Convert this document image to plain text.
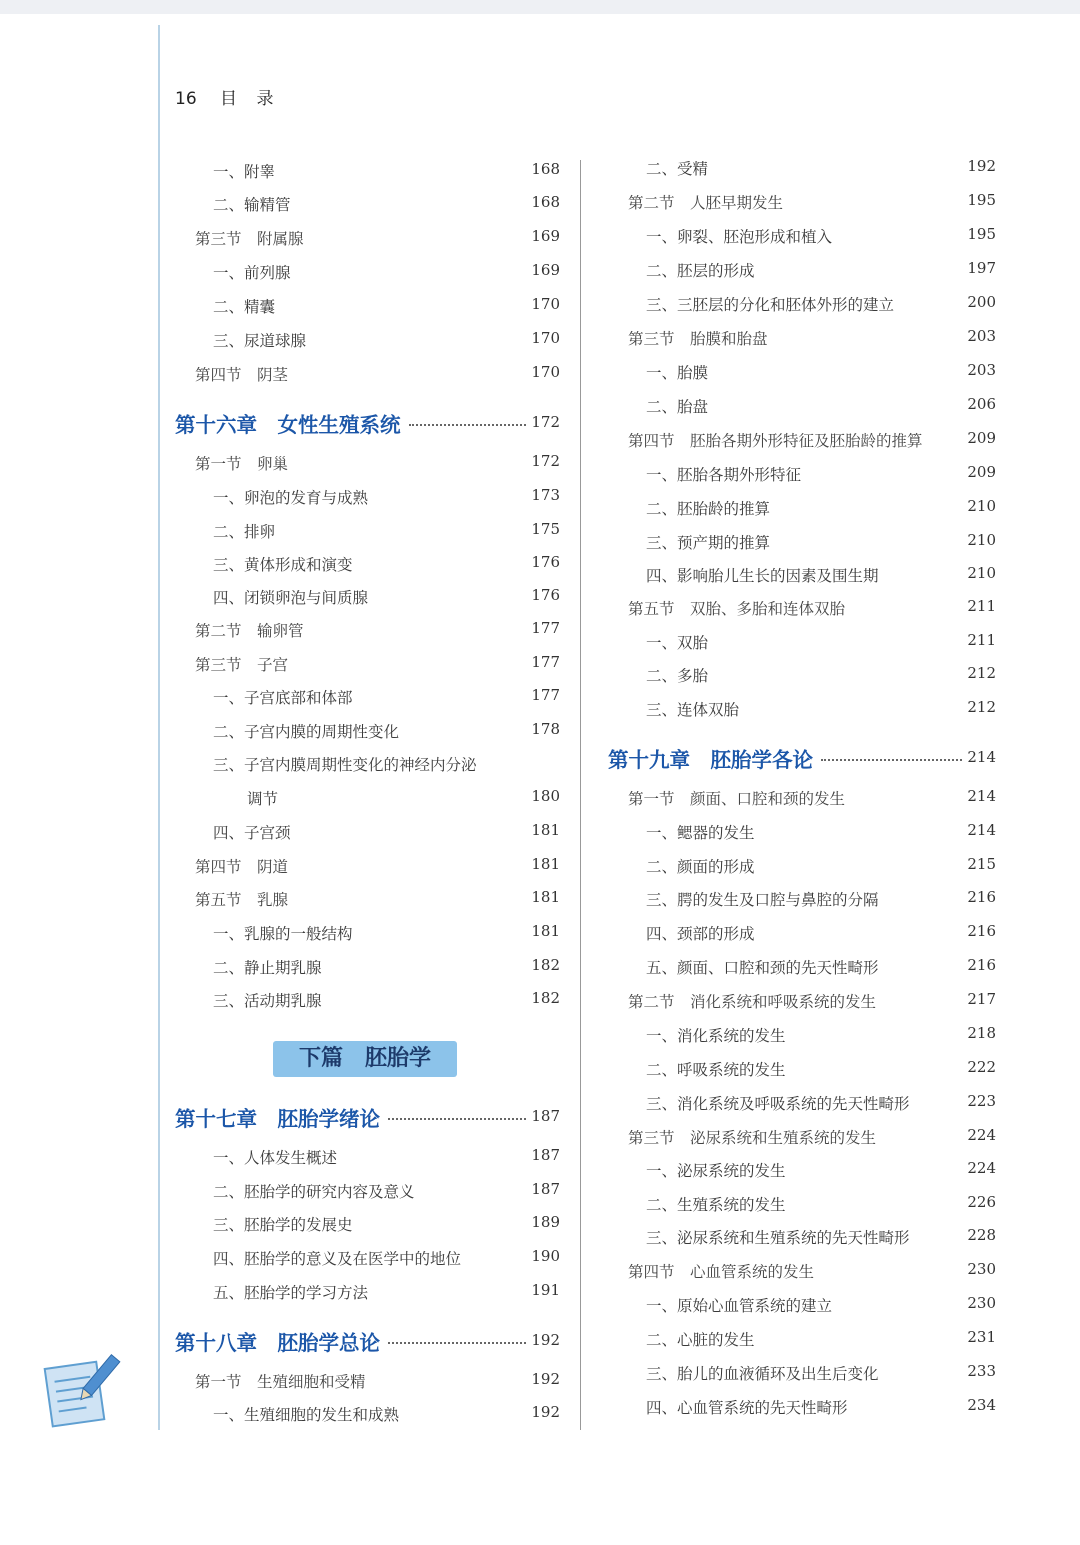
16 目 录
一、附睾	168
二、输精管	168
第三节　附属腺	169
一、前列腺	169
二、精囊	170
三、尿道球腺	170
第四节　阴茎	170
第十六章　女性生殖系统	172
第一节　卵巢	172
一、卵泡的发育与成熟	173
二、排卵	175
三、黄体形成和演变	176
四、闭锁卵泡与间质腺	176
第二节　输卵管	177
第三节　子宫	177
一、子宫底部和体部	177
二、子宫内膜的周期性变化	178
三、子宫内膜周期性变化的神经内分泌
调节	180
四、子宫颈	181
第四节　阴道	181
第五节　乳腺	181
一、乳腺的一般结构	181
二、静止期乳腺	182
三、活动期乳腺	182
第十七章　胚胎学绪论	187
一、人体发生概述	187
二、胚胎学的研究内容及意义	187
三、胚胎学的发展史	189
四、胚胎学的意义及在医学中的地位	190
五、胚胎学的学习方法	191
第十八章　胚胎学总论	192
第一节　生殖细胞和受精	192
一、生殖细胞的发生和成熟	192
二、受精	192
第二节　人胚早期发生	195
一、卵裂、胚泡形成和植入	195
二、胚层的形成	197
三、三胚层的分化和胚体外形的建立	200
第三节　胎膜和胎盘	203
一、胎膜	203
二、胎盘	206
第四节　胚胎各期外形特征及胚胎龄的推算	209
一、胚胎各期外形特征	209
二、胚胎龄的推算	210
三、预产期的推算	210
四、影响胎儿生长的因素及围生期	210
第五节　双胎、多胎和连体双胎	211
一、双胎	211
二、多胎	212
三、连体双胎	212
第十九章　胚胎学各论	214
第一节　颜面、口腔和颈的发生	214
一、鳃器的发生	214
二、颜面的形成	215
三、腭的发生及口腔与鼻腔的分隔	216
四、颈部的形成	216
五、颜面、口腔和颈的先天性畸形	216
第二节　消化系统和呼吸系统的发生	217
一、消化系统的发生	218
二、呼吸系统的发生	222
三、消化系统及呼吸系统的先天性畸形	223
第三节　泌尿系统和生殖系统的发生	224
一、泌尿系统的发生	224
二、生殖系统的发生	226
三、泌尿系统和生殖系统的先天性畸形	228
第四节　心血管系统的发生	230
一、原始心血管系统的建立	230
二、心脏的发生	231
三、胎儿的血液循环及出生后变化	233
四、心血管系统的先天性畸形	234
下篇　胚胎学
